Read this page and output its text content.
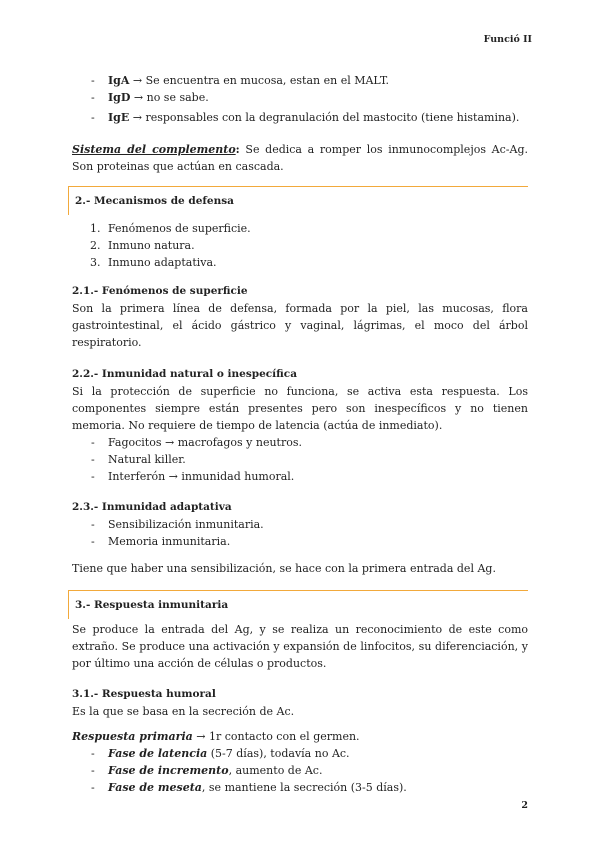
Funció II
- IgA → Se encuentra en mucosa, estan en el MALT.
- IgD → no se sabe.
- IgE → responsables con la degranulación del mastocito (tiene histamina).

Sistema del complemento: Se dedica a romper los inmunocomplejos Ac-Ag. Son proteinas que actúan en cascada.

2.- Mecanismos de defensa
1. Fenómenos de superficie.
2. Inmuno natura.
3. Inmuno adaptativa.
2.1.- Fenómenos de superficie

Son la primera línea de defensa, formada por la piel, las mucosas, flora gastrointestinal, el ácido gástrico y vaginal, lágrimas, el moco del árbol respiratorio.

2.2.- Inmunidad natural o inespecífica

Si la protección de superficie no funciona, se activa esta respuesta. Los componentes siempre están presentes pero son inespecíficos y no tienen memoria. No requiere de tiempo de latencia (actúa de inmediato).

- Fagocitos → macrofagos y neutros.
- Natural killer.
- Interferón → inmunidad humoral.
2.3.- Inmunidad adaptativa
- Sensibilización inmunitaria.
- Memoria inmunitaria.

Tiene que haber una sensibilización, se hace con la primera entrada del Ag.

3.- Respuesta inmunitaria

Se produce la entrada del Ag, y se realiza un reconocimiento de este como extraño. Se produce una activación y expansión de linfocitos, su diferenciación, y por último una acción de células o productos.

3.1.- Respuesta humoral

Es la que se basa en la secreción de Ac.

Respuesta primaria → 1r contacto con el germen.

- Fase de latencia (5-7 días), todavía no Ac.
- Fase de incremento, aumento de Ac.
- Fase de meseta, se mantiene la secreción (3-5 días).
2
